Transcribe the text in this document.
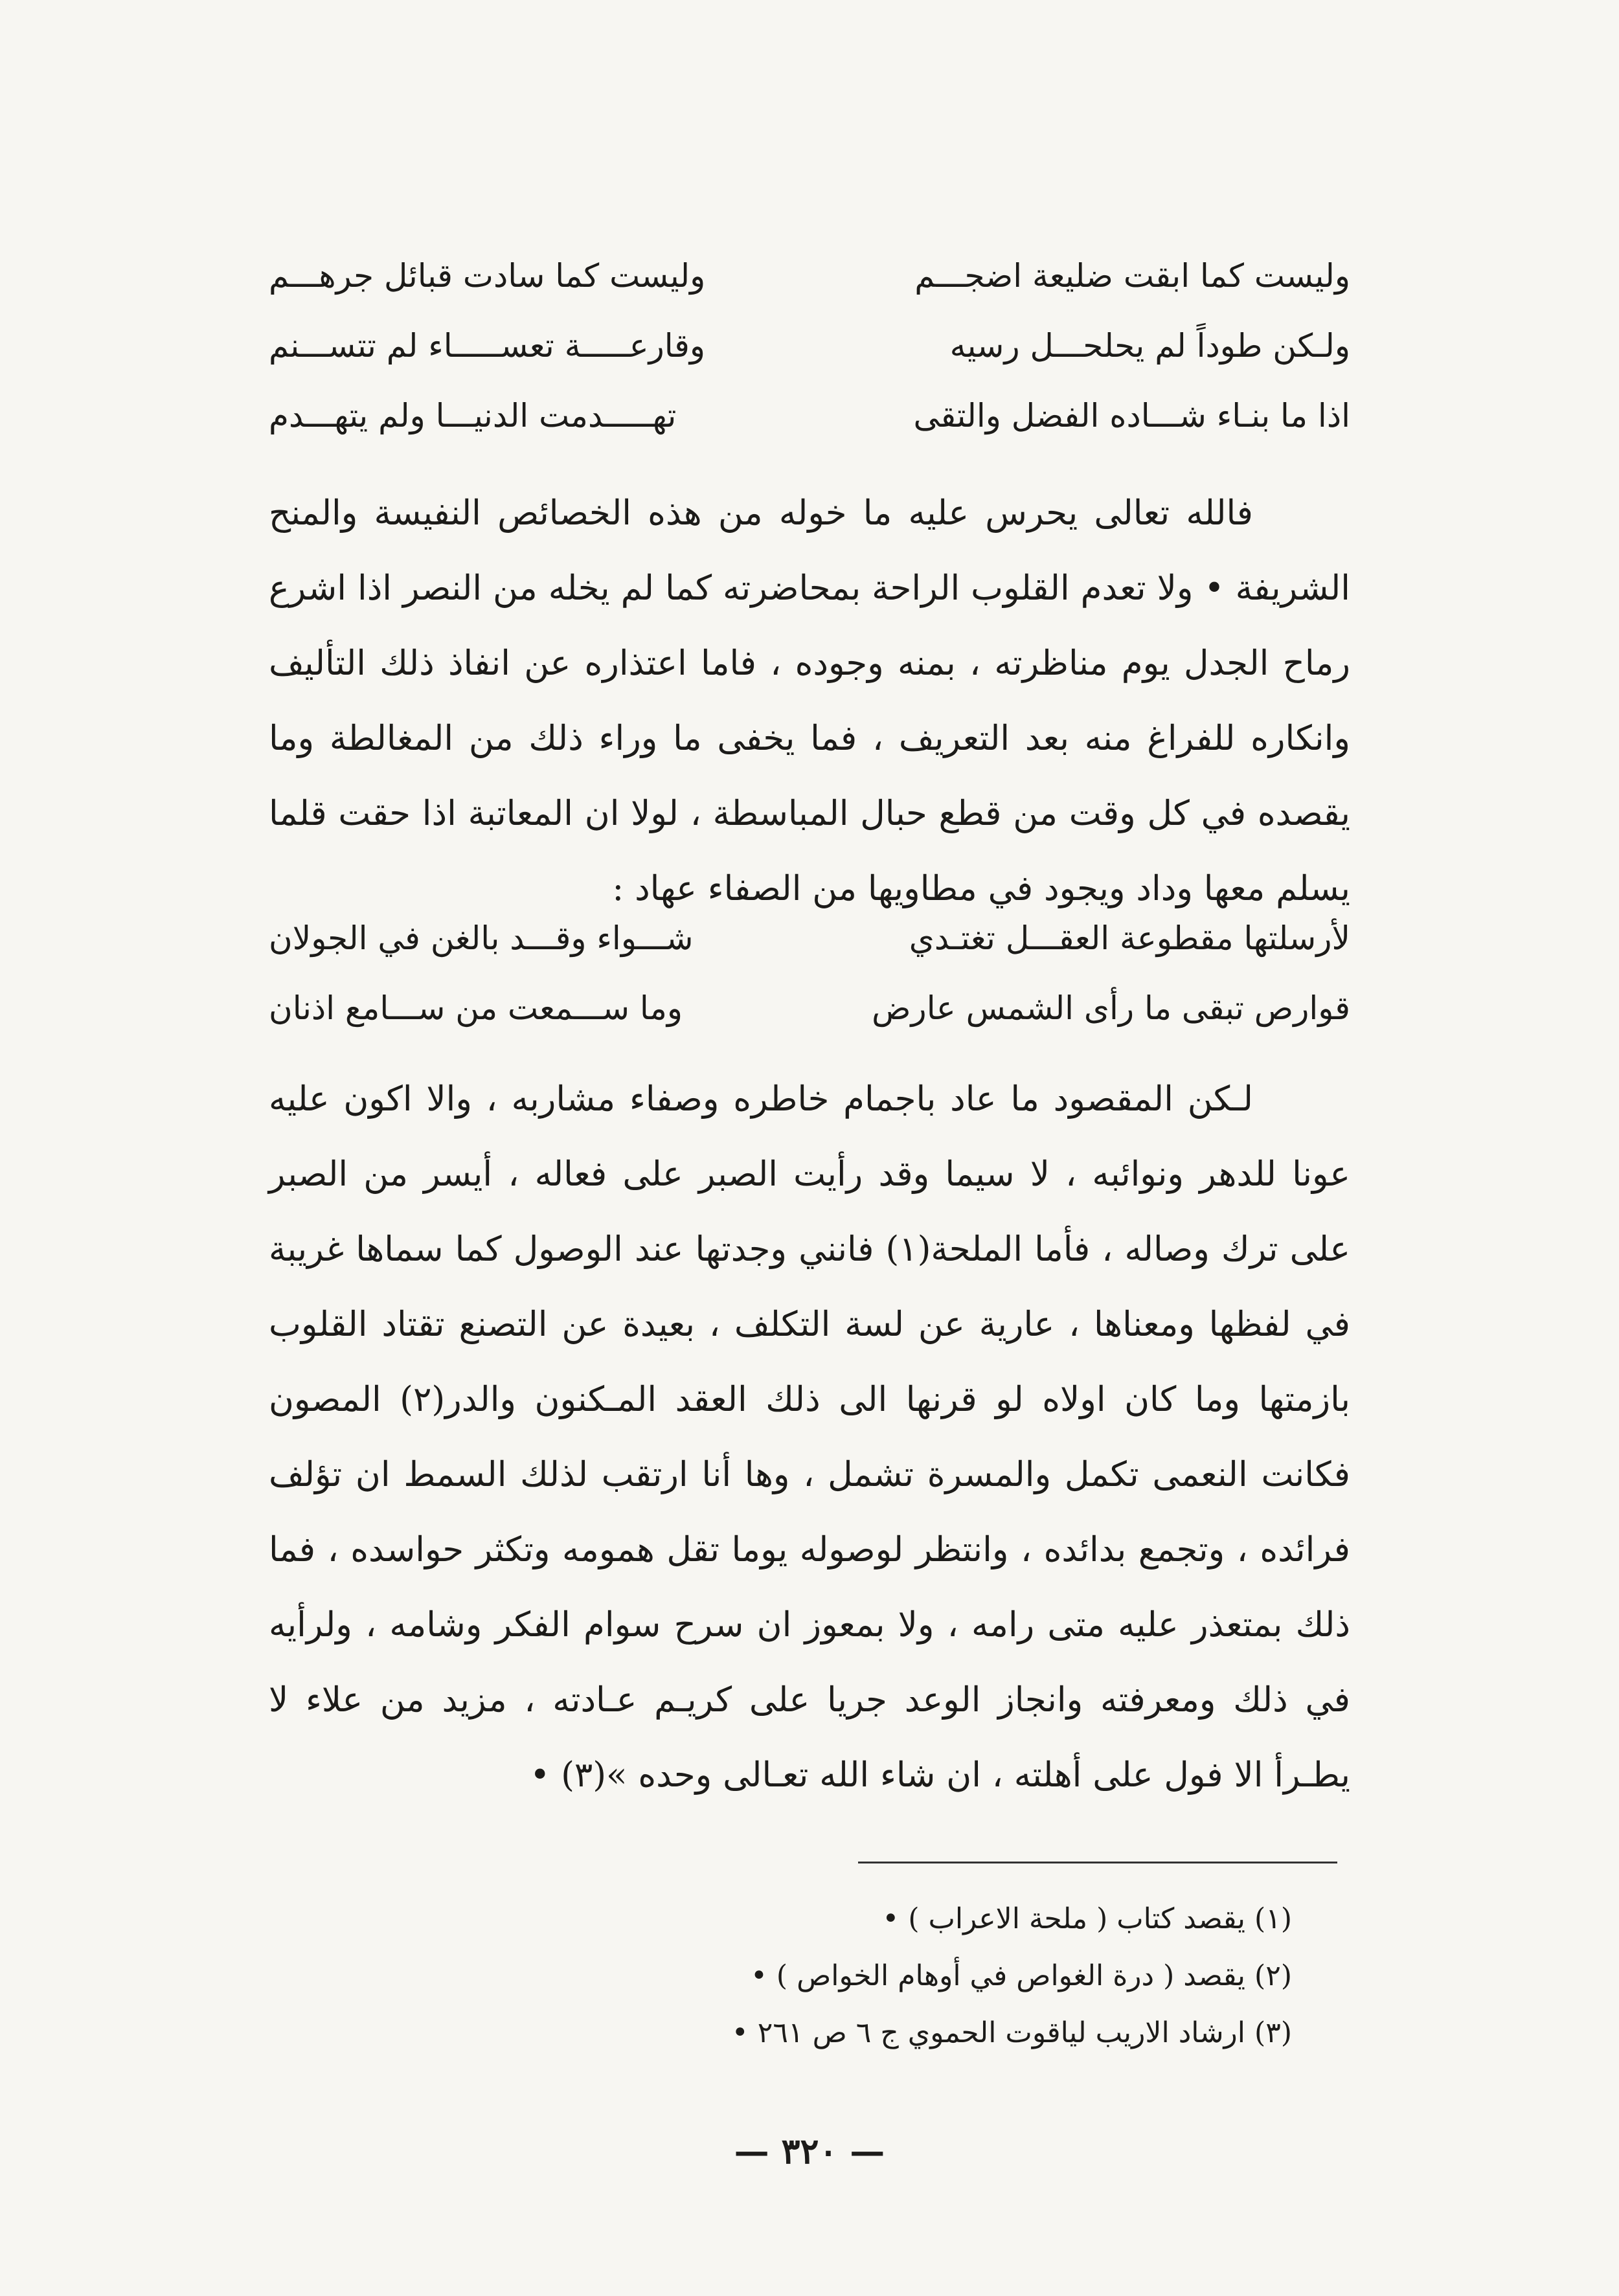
وليست كما ابقت ضليعة اضجـــم
وليست كما سادت قبائل جرهـــم
ولـكن طوداً لم يحلحـــل رسيه
وقارعـــــة تعســـــاء لم تتســـنم
اذا ما بنـاء شـــاده الفضل والتقى
تهـــــدمت الدنيـــا ولم يتهـــدم

فالله تعالى يحرس عليه ما خوله من هذه الخصائص النفيسة والمنح الشريفة • ولا تعدم القلوب الراحة بمحاضرته كما لم يخله من النصر اذا اشرع رماح الجدل يوم مناظرته ، بمنه وجوده ، فاما اعتذاره عن انفاذ ذلك التأليف وانكاره للفراغ منه بعد التعريف ، فما يخفى ما وراء ذلك من المغالطة وما يقصده في كل وقت من قطع حبال المباسطة ، لولا ان المعاتبة اذا حقت قلما يسلم معها وداد ويجود في مطاويها من الصفاء عهاد :

لأرسلتها مقطوعة العقـــل تغتـدي
شـــواء وقـــد بالغن في الجولان
قوارص تبقى ما رأى الشمس عارض
وما ســـمعت من ســـامع اذنان

لـكن المقصود ما عاد باجمام خاطره وصفاء مشاربه ، والا اكون عليه عونا للدهر ونوائبه ، لا سيما وقد رأيت الصبر على فعاله ، أيسر من الصبر على ترك وصاله ، فأما الملحة(١) فانني وجدتها عند الوصول كما سماها غريبة في لفظها ومعناها ، عارية عن لسة التكلف ، بعيدة عن التصنع تقتاد القلوب بازمتها وما كان اولاه لو قرنها الى ذلك العقد المـكنون والدر(٢) المصون فكانت النعمى تكمل والمسرة تشمل ، وها أنا ارتقب لذلك السمط ان تؤلف فرائده ، وتجمع بدائده ، وانتظر لوصوله يوما تقل همومه وتكثر حواسده ، فما ذلك بمتعذر عليه متى رامه ، ولا بمعوز ان سرح سوام الفكر وشامه ، ولرأيه في ذلك ومعرفته وانجاز الوعد جريا على كريـم عـادته ، مزيد من علاء لا يطـرأ الا فول على أهلته ، ان شاء الله تعـالى وحده »(٣) •

(١) يقصد كتاب ( ملحة الاعراب ) •
(٢) يقصد ( درة الغواص في أوهام الخواص ) •
(٣) ارشاد الاريب لياقوت الحموي ج ٦ ص ٢٦١ •
— ٣٢٠ —
